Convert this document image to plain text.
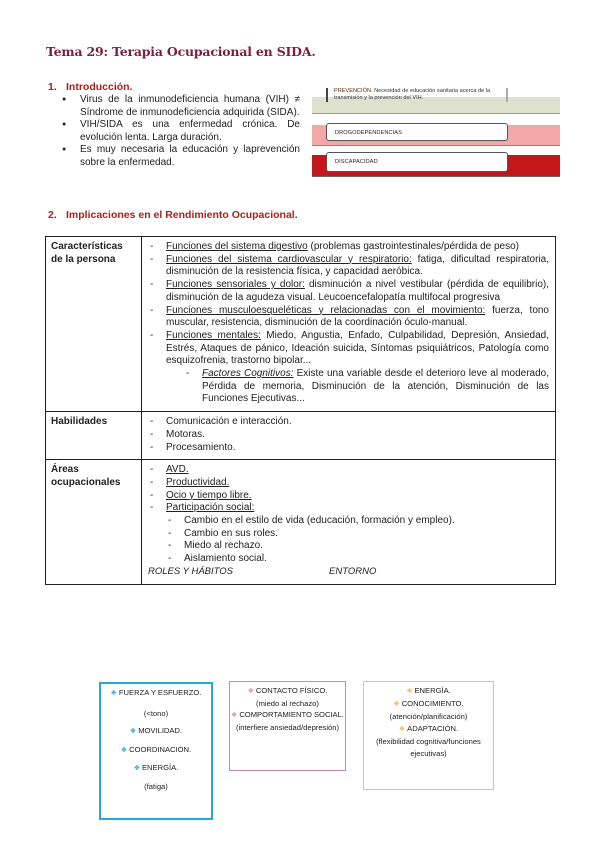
Tema 29: Terapia Ocupacional en SIDA.
1. Introducción.
● Virus de la inmunodeficiencia humana (VIH) ≠ Síndrome de inmunodeficiencia adquirida (SIDA).
● VIH/SIDA es una enfermedad crónica. De evolución lenta. Larga duración.
● Es muy necesaria la educación y laprevención sobre la enfermedad.
PREVENCIÓN. Necesidad de educación sanitaria acerca de la transmisión y la prevención del VIH.
DROGODEPENDENCIAS
DISCAPACIDAD
2. Implicaciones en el Rendimiento Ocupacional.
Características de la persona	
- Funciones del sistema digestivo (problemas gastrointestinales/pérdida de peso)
- Funciones del sistema cardiovascular y respiratorio: fatiga, dificultad respiratoria, disminución de la resistencia física, y capacidad aeróbica.
- Funciones sensoriales y dolor: disminución a nivel vestibular (pérdida de equilibrio), disminución de la agudeza visual. Leucoencefalopatía multifocal progresiva
- Funciones musculoesqueléticas y relacionadas con el movimiento: fuerza, tono muscular, resistencia, disminución de la coordinación óculo-manual.
- Funciones mentales: Miedo, Angustia, Enfado, Culpabilidad, Depresión, Ansiedad, Estrés, Ataques de pánico, Ideación suicida, Síntomas psiquiátricos, Patología como esquizofrenia, trastorno bipolar...
- Factores Cognitivos: Existe una variable desde el deterioro leve al moderado, Pérdida de memoria, Disminución de la atención, Disminución de las Funciones Ejecutivas...

Habilidades	
-Comunicación e interacción.
- Motoras.
- Procesamiento.

Áreas ocupacionales	
- AVD.
- Productividad.
- Ocio y tiempo libre.
- Participación social:
- Cambio en el estilo de vida (educación, formación y empleo).
- Cambio en sus roles.
- Miedo al rechazo.
- Aislamiento social.
ROLES Y HÁBITOS	ENTORNO
❖ FUERZA Y ESFUERZO.
(<tono)
❖ MOVILIDAD.
❖ COORDINACIÓN.
❖ ENERGÍA.
(fatiga)
❖ CONTACTO FÍSICO.
(miedo al rechazo)
❖ COMPORTAMIENTO SOCIAL.
(interfiere ansiedad/depresión)
❖ ENERGÍA.
❖ CONOCIMIENTO.
(atención/planificación)
❖ ADAPTACIÓN.
(flexibilidad cognitiva/funciones ejecutivas)
